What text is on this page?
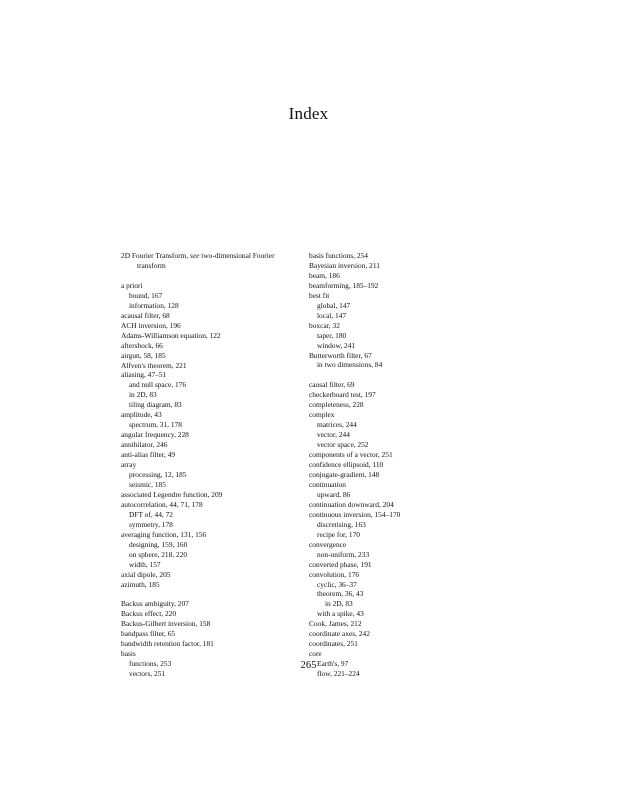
Index
2D Fourier Transform, see two-dimensional Fourier
transform
a priori
bound, 167
information, 128
acausal filter, 68
ACH inversion, 196
Adams-Williamson equation, 122
aftershock, 66
airgun, 58, 185
Alfven's theorem, 221
aliasing, 47–51
and null space, 176
in 2D, 83
tiling diagram, 83
amplitude, 43
spectrum, 31, 178
angular frequency, 228
annihilator, 246
anti-alias filter, 49
array
processing, 12, 185
seismic, 185
associated Legendre function, 209
autocorrelation, 44, 71, 178
DFT of, 44, 72
symmetry, 178
averaging function, 131, 156
designing, 159, 160
on sphere, 218, 220
width, 157
axial dipole, 205
azimuth, 185
Backus ambiguity, 207
Backus effect, 220
Backus-Gilbert inversion, 158
bandpass filter, 65
bandwidth retention factor, 181
basis
functions, 253
vectors, 251
basis functions, 254
Bayesian inversion, 211
beam, 186
beamforming, 185–192
best fit
global, 147
local, 147
boxcar, 32
taper, 180
window, 241
Butterworth filter, 67
in two dimensions, 84
causal filter, 69
checkerboard test, 197
completeness, 228
complex
matrices, 244
vector, 244
vector space, 252
components of a vector, 251
confidence ellipsoid, 110
conjugate-gradient, 148
continuation
upward, 86
continuation downward, 204
continuous inversion, 154–170
discretising, 163
recipe for, 170
convergence
non-uniform, 233
converted phase, 191
convolution, 176
cyclic, 36–37
theorem, 36, 43
in 2D, 83
with a spike, 43
Cook, James, 212
coordinate axes, 242
coordinates, 251
core
Earth's, 97
flow, 221–224
265
